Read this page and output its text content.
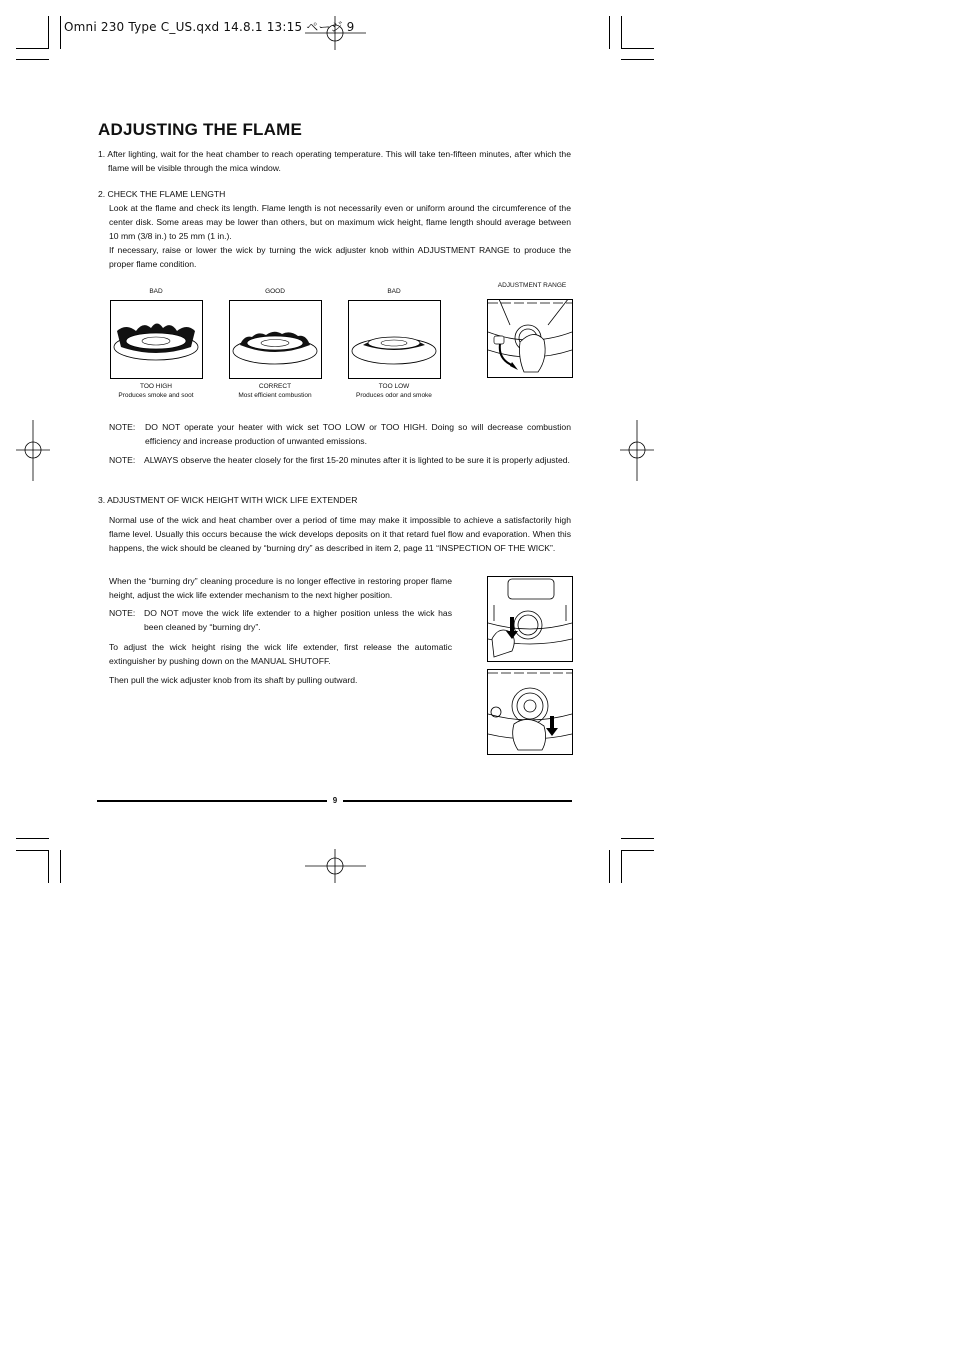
Omni 230 Type C_US.qxd 14.8.1 13:15 ページ 9
ADJUSTING THE FLAME
1. After lighting, wait for the heat chamber to reach operating temperature. This will take ten-fifteen minutes, after which the flame will be visible through the mica window.
2. CHECK THE FLAME LENGTH
Look at the flame and check its length. Flame length is not necessarily even or uniform around the circumference of the center disk. Some areas may be lower than others, but on maximum wick height, flame length should average between 10 mm (3/8 in.) to 25 mm (1 in.).
If necessary, raise or lower the wick by turning the wick adjuster knob within ADJUSTMENT RANGE to produce the proper flame condition.
BAD	GOOD	BAD
TOO HIGH
Produces smoke and soot
CORRECT
Most efficient combustion
TOO LOW
Produces odor and smoke
ADJUSTMENT RANGE
NOTE:	DO NOT operate your heater with wick set TOO LOW or TOO HIGH. Doing so will decrease combustion efficiency and increase production of unwanted emissions.
NOTE:	ALWAYS observe the heater closely for the first 15-20 minutes after it is lighted to be sure it is properly adjusted.
3. ADJUSTMENT OF WICK HEIGHT WITH WICK LIFE EXTENDER
Normal use of the wick and heat chamber over a period of time may make it impossible to achieve a satisfactorily high flame level. Usually this occurs because the wick develops deposits on it that retard fuel flow and evaporation. When this happens, the wick should be cleaned by “burning dry” as described in item 2, page 11 “INSPECTION OF THE WICK”.
When the “burning dry” cleaning procedure is no longer effective in restoring proper flame height, adjust the wick life extender mechanism to the next higher position.
NOTE:	DO NOT move the wick life extender to a higher position unless the wick has been cleaned by “burning dry”.
To adjust the wick height rising the wick life extender, first release the automatic extinguisher by pushing down on the MANUAL SHUTOFF.
Then pull the wick adjuster knob from its shaft by pulling outward.
9
